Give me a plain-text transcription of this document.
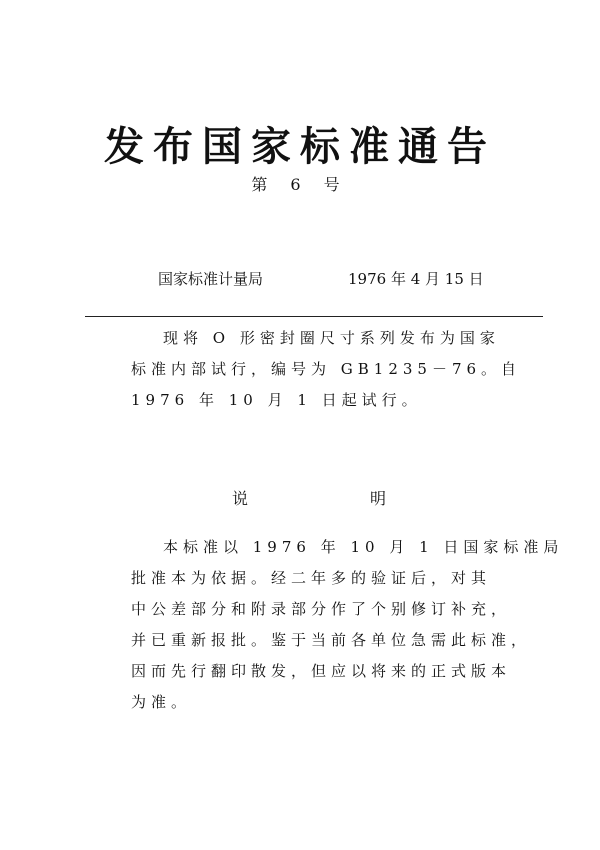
发布国家标准通告
第 6 号
国家标准计量局	1976 年 4 月 15 日
现将 O 形密封圈尺寸系列发布为国家
标准内部试行，编号为 GB1235－76。自
1976 年 10 月 1 日起试行。
说	明
本标准以 1976 年 10 月 1 日国家标准局
批准本为依据。经二年多的验证后，对其
中公差部分和附录部分作了个别修订补充，
并已重新报批。鉴于当前各单位急需此标准，
因而先行翻印散发，但应以将来的正式版本
为准。
